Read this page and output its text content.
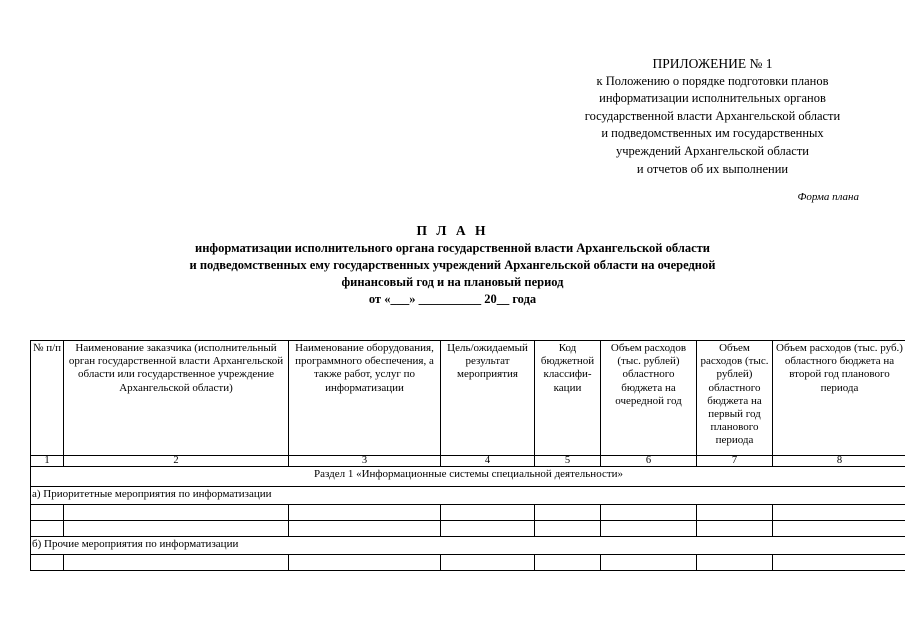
ПРИЛОЖЕНИЕ № 1
к Положению о порядке подготовки планов
информатизации исполнительных органов
государственной власти Архангельской области
и подведомственных им государственных
учреждений Архангельской области
и отчетов об их выполнении
Форма плана
П Л А Н
информатизации исполнительного органа государственной власти Архангельской области
и подведомственных ему государственных учреждений Архангельской области на очередной
финансовый год и на плановый период
от «___» __________ 20__ года
№ п/п	Наименование заказчика (исполнительный орган государственной власти Архангельской области или государственное учреждение Архангельской области)	Наименование оборудования, программного обеспечения, а также работ, услуг по информатизации	Цель/ожидаемый результат мероприятия	Код бюджетной классифи-кации	Объем расходов (тыс. рублей) областного бюджета на очередной год	Объем расходов (тыс. рублей) областного бюджета на первый год планового периода	Объем расходов (тыс. руб.) областного бюджета на второй год планового периода
1	2	3	4	5	6	7	8
Раздел 1 «Информационные системы специальной деятельности»							
а) Приоритетные мероприятия по информатизации							

б) Прочие мероприятия по информатизации							
